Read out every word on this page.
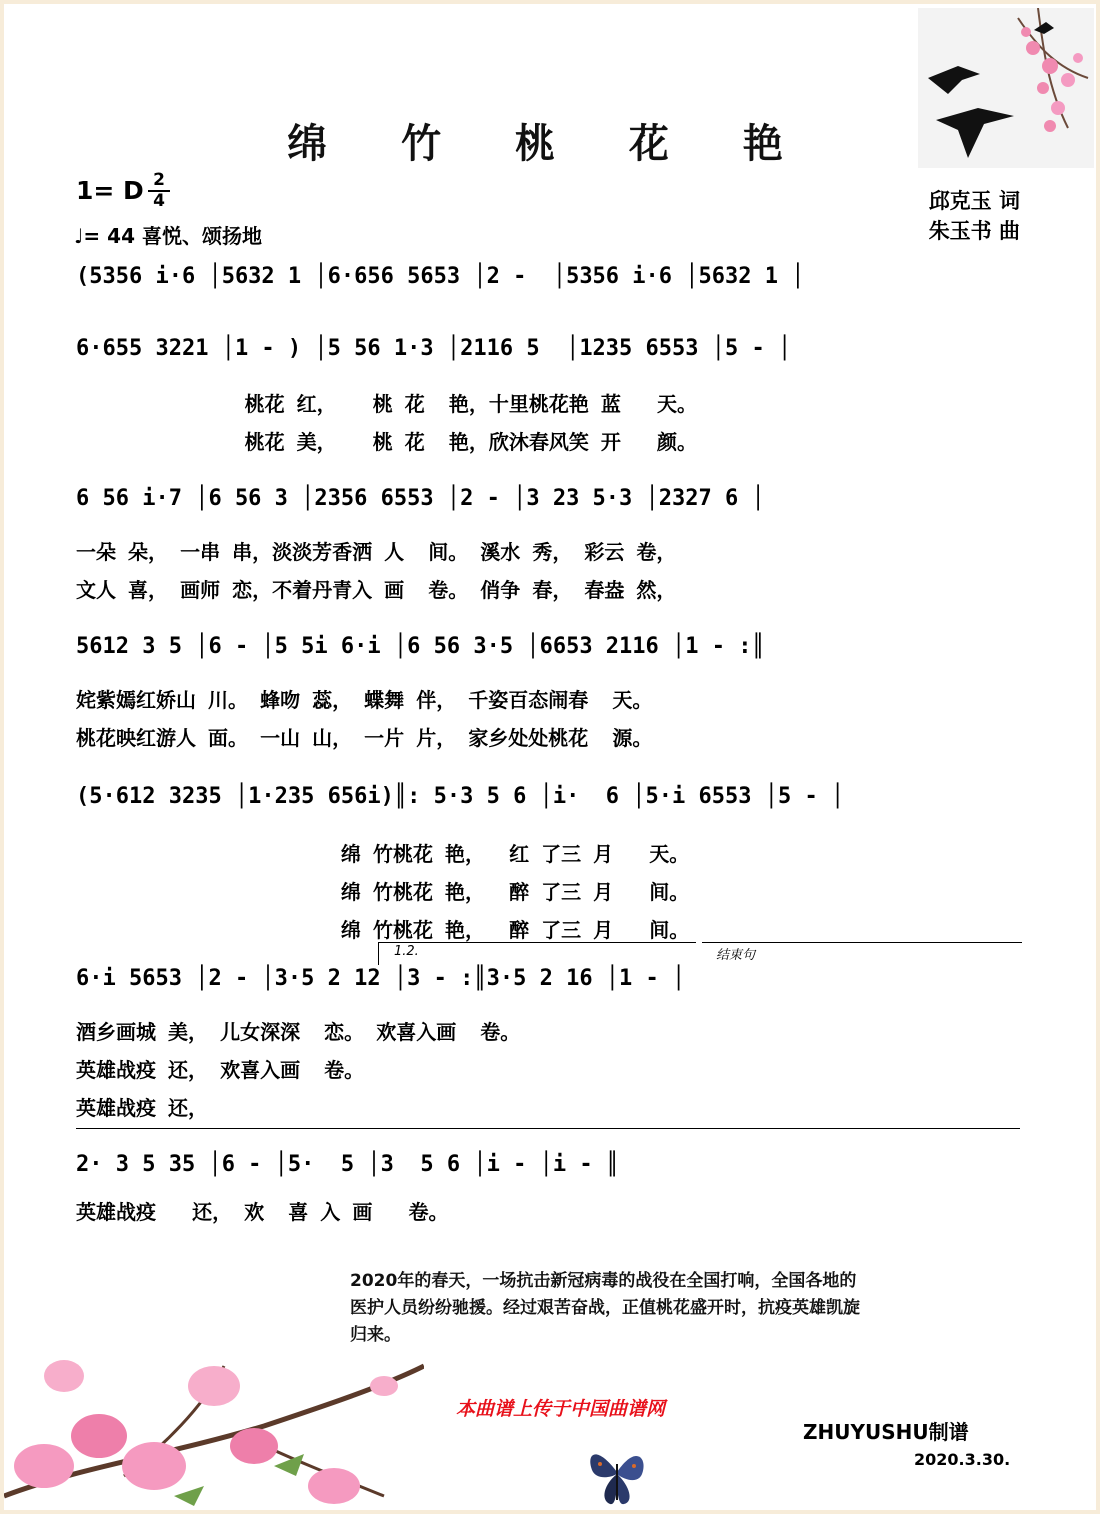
绵 竹 桃 花 艳
1= D 2
4
♩= 44 喜悦、颂扬地
邱克玉 词
朱玉书 曲
(5356 i·6 │5632 1 │6·656 5653 │2 -  │5356 i·6 │5632 1 │
6·655 3221 │1 - ) │5 56 1·3 │2116 5  │1235 6553 │5 - │
桃花 红，   桃 花  艳，十里桃花艳 蓝   天。
桃花 美，   桃 花  艳，欣沐春风笑 开   颜。
6 56 i·7 │6 56 3 │2356 6553 │2 - │3 23 5·3 │2327 6 │
一朵 朵， 一串 串，淡淡芳香洒 人  间。 溪水 秀， 彩云 卷，
文人 喜， 画师 恋，不着丹青入 画  卷。 俏争 春， 春盎 然，
5612 3 5 │6 - │5 5i 6·i │6 56 3·5 │6653 2116 │1 - :║
姹紫嫣红娇山 川。 蜂吻 蕊， 蝶舞 伴， 千姿百态闹春  天。
桃花映红游人 面。 一山 山， 一片 片， 家乡处处桃花  源。
(5·612 3235 │1·235 656i)║: 5·3 5 6 │i·  6 │5·i 6553 │5 - │
绵 竹桃花 艳，  红 了三 月   天。
绵 竹桃花 艳，  醉 了三 月   间。
绵 竹桃花 艳，  醉 了三 月   间。
1.2.	结束句
6·i 5653 │2 - │3·5 2 12 │3 - :║3·5 2 16 │1 - │
酒乡画城 美， 儿女深深  恋。 欢喜入画  卷。
英雄战疫 还， 欢喜入画  卷。
英雄战疫 还，
2· 3 5 35 │6 - │5·  5 │3  5 6 │i - │i - ║
英雄战疫   还， 欢  喜 入 画   卷。
2020年的春天，一场抗击新冠病毒的战役在全国打响，全国各地的医护人员纷纷驰援。经过艰苦奋战，正值桃花盛开时，抗疫英雄凯旋归来。
本曲谱上传于中国曲谱网
ZHUYUSHU制谱
2020.3.30.
